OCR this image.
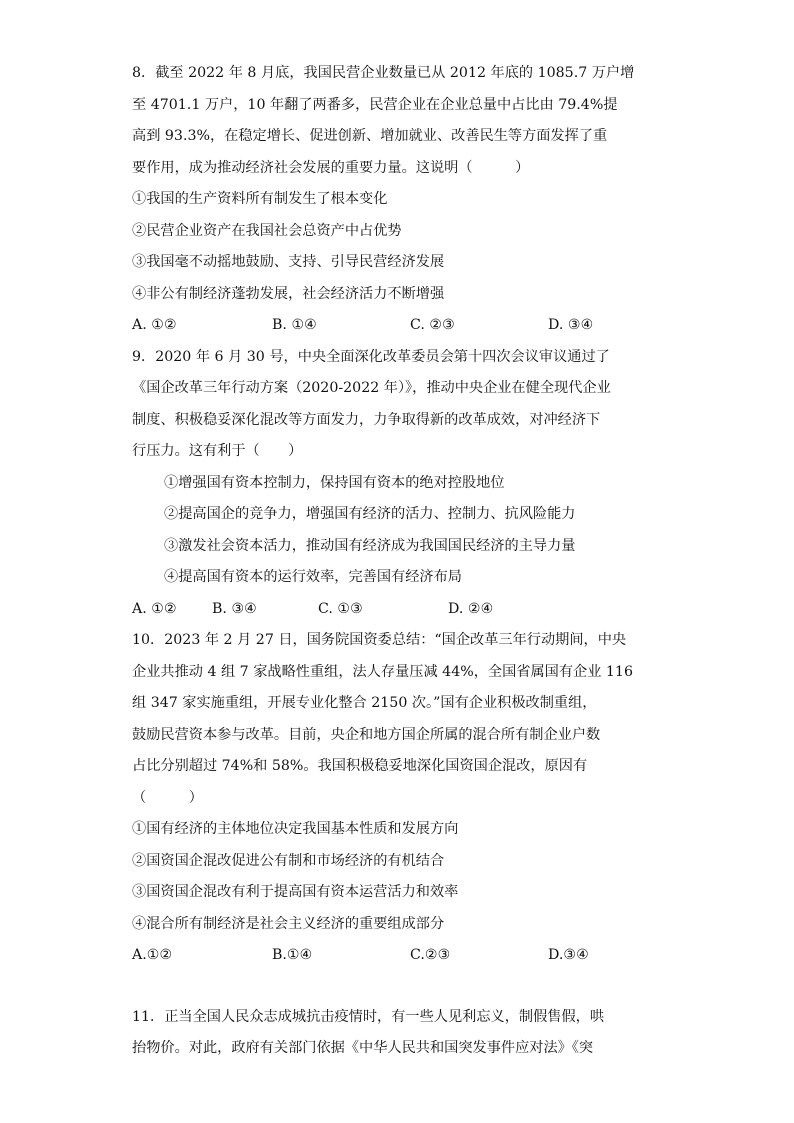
8．截至 2022 年 8 月底，我国民营企业数量已从 2012 年底的 1085.7 万户增
至 4701.1 万户，10 年翻了两番多，民营企业在企业总量中占比由 79.4%提
高到 93.3%，在稳定增长、促进创新、增加就业、改善民生等方面发挥了重
要作用，成为推动经济社会发展的重要力量。这说明（　　　）
①我国的生产资料所有制发生了根本变化
②民营企业资产在我国社会总资产中占优势
③我国毫不动摇地鼓励、支持、引导民营经济发展
④非公有制经济蓬勃发展，社会经济活力不断增强
A. ①②	B. ①④	C. ②③	D. ③④
9．2020 年 6 月 30 号，中央全面深化改革委员会第十四次会议审议通过了
《国企改革三年行动方案（2020-2022 年）》，推动中央企业在健全现代企业
制度、积极稳妥深化混改等方面发力，力争取得新的改革成效，对冲经济下
行压力。这有利于（　　）
①增强国有资本控制力，保持国有资本的绝对控股地位
②提高国企的竞争力，增强国有经济的活力、控制力、抗风险能力
③激发社会资本活力，推动国有经济成为我国国民经济的主导力量
④提高国有资本的运行效率，完善国有经济布局
A. ①② B. ③④	C. ①③	D. ②④
10．2023 年 2 月 27 日，国务院国资委总结：“国企改革三年行动期间，中央
企业共推动 4 组 7 家战略性重组，法人存量压减 44%，全国省属国有企业 116
组 347 家实施重组，开展专业化整合 2150 次。”国有企业积极改制重组，
鼓励民营资本参与改革。目前，央企和地方国企所属的混合所有制企业户数
占比分别超过 74%和 58%。我国积极稳妥地深化国资国企混改，原因有
（　　　）
①国有经济的主体地位决定我国基本性质和发展方向
②国资国企混改促进公有制和市场经济的有机结合
③国资国企混改有利于提高国有资本运营活力和效率
④混合所有制经济是社会主义经济的重要组成部分
A.①②	B.①④	C.②③	D.③④
11．正当全国人民众志成城抗击疫情时，有一些人见利忘义，制假售假，哄
抬物价。对此，政府有关部门依据《中华人民共和国突发事件应对法》《突
